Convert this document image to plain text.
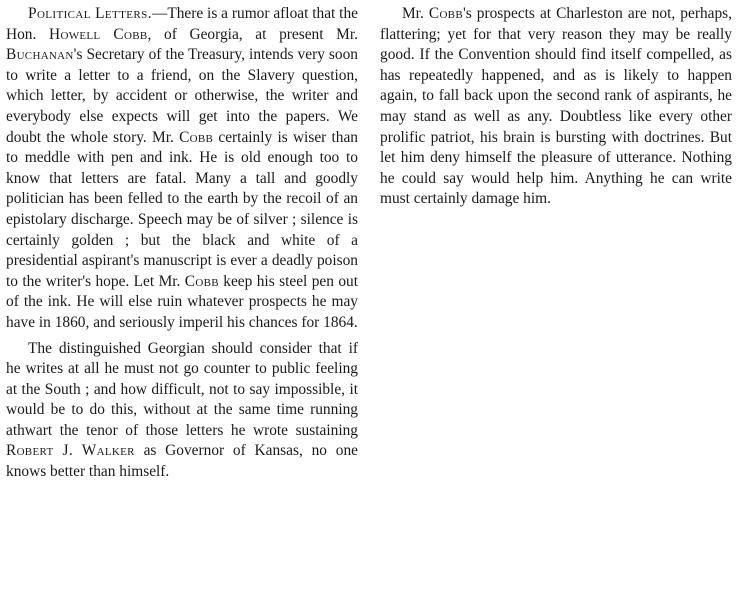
Political Letters.—There is a rumor afloat that the Hon. Howell Cobb, of Georgia, at present Mr. Buchanan's Secretary of the Treasury, intends very soon to write a letter to a friend, on the Slavery question, which letter, by accident or otherwise, the writer and everybody else expects will get into the papers. We doubt the whole story. Mr. Cobb certainly is wiser than to meddle with pen and ink. He is old enough too to know that letters are fatal. Many a tall and goodly politician has been felled to the earth by the recoil of an epistolary discharge. Speech may be of silver ; silence is certainly golden ; but the black and white of a presidential aspirant's manuscript is ever a deadly poison to the writer's hope. Let Mr. Cobb keep his steel pen out of the ink. He will else ruin whatever prospects he may have in 1860, and seriously imperil his chances for 1864.

The distinguished Georgian should consider that if he writes at all he must not go counter to public feeling at the South ; and how difficult, not to say impossible, it would be to do this, without at the same time running athwart the tenor of those letters he wrote sustaining Robert J. Walker as Governor of Kansas, no one knows better than himself.

Mr. Cobb's prospects at Charleston are not, perhaps, flattering; yet for that very reason they may be really good. If the Convention should find itself compelled, as has repeatedly happened, and as is likely to happen again, to fall back upon the second rank of aspirants, he may stand as well as any. Doubtless like every other prolific patriot, his brain is bursting with doctrines. But let him deny himself the pleasure of utterance. Nothing he could say would help him. Anything he can write must certainly damage him.
